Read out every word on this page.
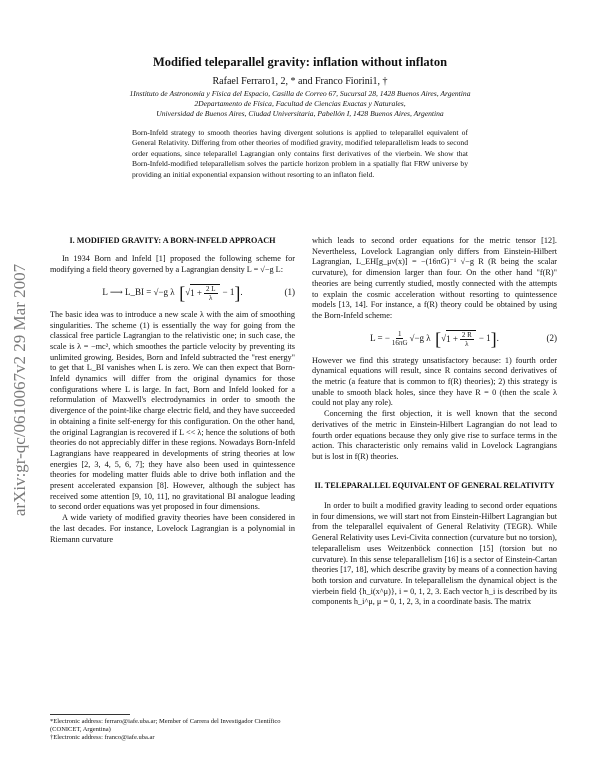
Modified teleparallel gravity: inflation without inflaton
Rafael Ferraro1, 2, * and Franco Fiorini1, †
1Instituto de Astronomía y Física del Espacio, Casilla de Correo 67, Sucursal 28, 1428 Buenos Aires, Argentina
2Departamento de Física, Facultad de Ciencias Exactas y Naturales,
Universidad de Buenos Aires, Ciudad Universitaria, Pabellón I, 1428 Buenos Aires, Argentina
Born-Infeld strategy to smooth theories having divergent solutions is applied to teleparallel equivalent of General Relativity. Differing from other theories of modified gravity, modified teleparallelism leads to second order equations, since teleparallel Lagrangian only contains first derivatives of the vierbein. We show that Born-Infeld-modified teleparallelism solves the particle horizon problem in a spatially flat FRW universe by providing an initial exponential expansion without resorting to an inflaton field.
arXiv:gr-qc/0610067v2 29 Mar 2007

I. MODIFIED GRAVITY: A BORN-INFELD APPROACH

In 1934 Born and Infeld [1] proposed the following scheme for modifying a field theory governed by a Lagrangian density L = √−g L:

L ⟶ L_BI = √−g λ [ √ $1 + \frac{2 L}{\lambda} - 1$ ] .	(1)

The basic idea was to introduce a new scale λ with the aim of smoothing singularities. The scheme (1) is essentially the way for going from the classical free particle Lagrangian to the relativistic one; in such case, the scale is λ = −mc², which smoothes the particle velocity by preventing its unlimited growing. Besides, Born and Infeld subtracted the "rest energy" to get that L_BI vanishes when L is zero. We can then expect that Born-Infeld dynamics will differ from the original dynamics for those configurations where L is large. In fact, Born and Infeld looked for a reformulation of Maxwell's electrodynamics in order to smooth the divergence of the point-like charge electric field, and they have succeeded in obtaining a finite self-energy for this configuration. On the other hand, the original Lagrangian is recovered if L << λ; hence the solutions of both theories do not appreciably differ in these regions. Nowadays Born-Infeld Lagrangians have reappeared in developments of string theories at low energies [2, 3, 4, 5, 6, 7]; they have also been used in quintessence theories for modeling matter fluids able to drive both inflation and the present accelerated expansion [8]. However, although the subject has received some attention [9, 10, 11], no gravitational BI analogue leading to second order equations was yet proposed in four dimensions.

A wide variety of modified gravity theories have been considered in the last decades. For instance, Lovelock Lagrangian is a polynomial in Riemann curvature

*Electronic address: ferraro@iafe.uba.ar; Member of Carrera del Investigador Científico (CONICET, Argentina)
†Electronic address: franco@iafe.uba.ar

which leads to second order equations for the metric tensor [12]. Nevertheless, Lovelock Lagrangian only differs from Einstein-Hilbert Lagrangian, L_EH[g_μν(x)] = −(16πG)⁻¹ √−g R (R being the scalar curvature), for dimension larger than four. On the other hand "f(R)" theories are being currently studied, mostly connected with the attempts to explain the cosmic acceleration without resorting to quintessence models [13, 14]. For instance, a f(R) theory could be obtained by using the Born-Infeld scheme:

L = − $\frac{1}{16\pi G} √-g$ λ [ √ $1 + \frac{2 R}{\lambda} - 1$ ] .	(2)

However we find this strategy unsatisfactory because: 1) fourth order dynamical equations will result, since R contains second derivatives of the metric (a feature that is common to f(R) theories); 2) this strategy is unable to smooth black holes, since they have R = 0 (then the scale λ could not play any role).

Concerning the first objection, it is well known that the second derivatives of the metric in Einstein-Hilbert Lagrangian do not lead to fourth order equations because they only give rise to surface terms in the action. This characteristic only remains valid in Lovelock Lagrangians but is lost in f(R) theories.

II. TELEPARALLEL EQUIVALENT OF GENERAL RELATIVITY

In order to built a modified gravity leading to second order equations in four dimensions, we will start not from Einstein-Hilbert Lagrangian but from the teleparallel equivalent of General Relativity (TEGR). While General Relativity uses Levi-Civita connection (curvature but no torsion), teleparallelism uses Weitzenböck connection [15] (torsion but no curvature). In this sense teleparallelism [16] is a sector of Einstein-Cartan theories [17, 18], which describe gravity by means of a connection having both torsion and curvature. In teleparallelism the dynamical object is the vierbein field {h_i(x^μ)}, i = 0, 1, 2, 3. Each vector h_i is described by its components h_i^μ, μ = 0, 1, 2, 3, in a coordinate basis. The matrix
